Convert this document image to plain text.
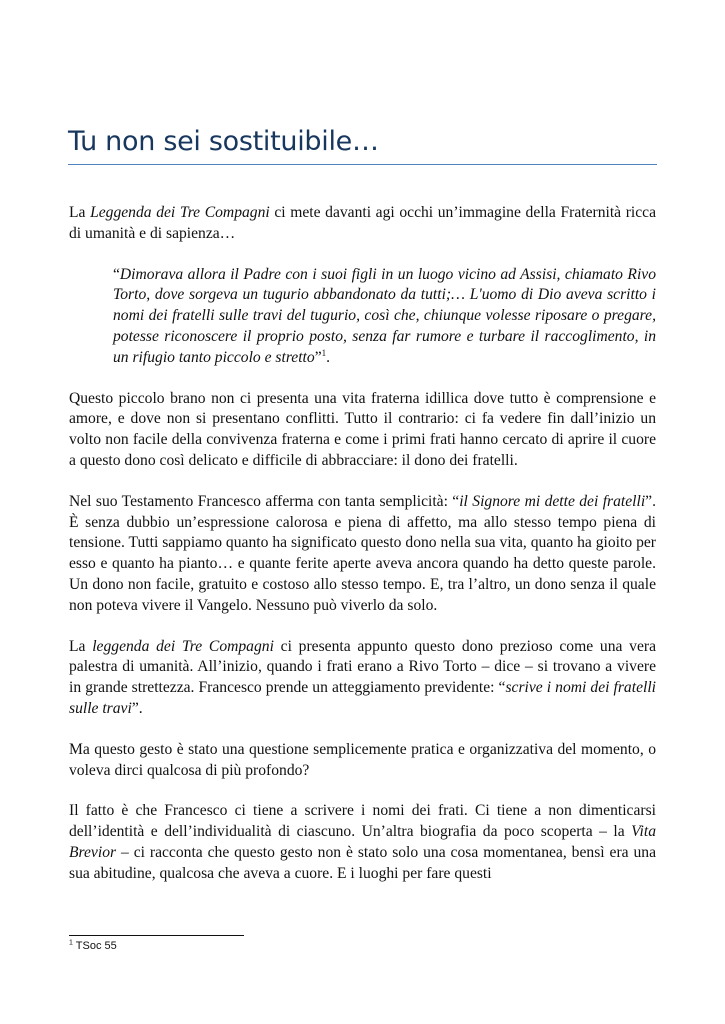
Tu non sei sostituibile…

La Leggenda dei Tre Compagni ci mete davanti agi occhi un’immagine della Fraternità ricca di umanità e di sapienza…

“Dimorava allora il Padre con i suoi figli in un luogo vicino ad Assisi, chiamato Rivo Torto, dove sorgeva un tugurio abbandonato da tutti;… L'uomo di Dio aveva scritto i nomi dei fratelli sulle travi del tugurio, così che, chiunque volesse riposare o pregare, potesse riconoscere il proprio posto, senza far rumore e turbare il raccoglimento, in un rifugio tanto piccolo e stretto”$^1$.

Questo piccolo brano non ci presenta una vita fraterna idillica dove tutto è comprensione e amore, e dove non si presentano conflitti. Tutto il contrario: ci fa vedere fin dall’inizio un volto non facile della convivenza fraterna e come i primi frati hanno cercato di aprire il cuore a questo dono così delicato e difficile di abbracciare: il dono dei fratelli.

Nel suo Testamento Francesco afferma con tanta semplicità: “il Signore mi dette dei fratelli”. È senza dubbio un’espressione calorosa e piena di affetto, ma allo stesso tempo piena di tensione. Tutti sappiamo quanto ha significato questo dono nella sua vita, quanto ha gioito per esso e quanto ha pianto… e quante ferite aperte aveva ancora quando ha detto queste parole. Un dono non facile, gratuito e costoso allo stesso tempo. E, tra l’altro, un dono senza il quale non poteva vivere il Vangelo. Nessuno può viverlo da solo.

La leggenda dei Tre Compagni ci presenta appunto questo dono prezioso come una vera palestra di umanità. All’inizio, quando i frati erano a Rivo Torto – dice – si trovano a vivere in grande strettezza. Francesco prende un atteggiamento previdente: “scrive i nomi dei fratelli sulle travi”.

Ma questo gesto è stato una questione semplicemente pratica e organizzativa del momento, o voleva dirci qualcosa di più profondo?

Il fatto è che Francesco ci tiene a scrivere i nomi dei frati. Ci tiene a non dimenticarsi dell’identità e dell’individualità di ciascuno. Un’altra biografia da poco scoperta – la Vita Brevior – ci racconta che questo gesto non è stato solo una cosa momentanea, bensì era una sua abitudine, qualcosa che aveva a cuore. E i luoghi per fare questi

$^1$ TSoc 55
